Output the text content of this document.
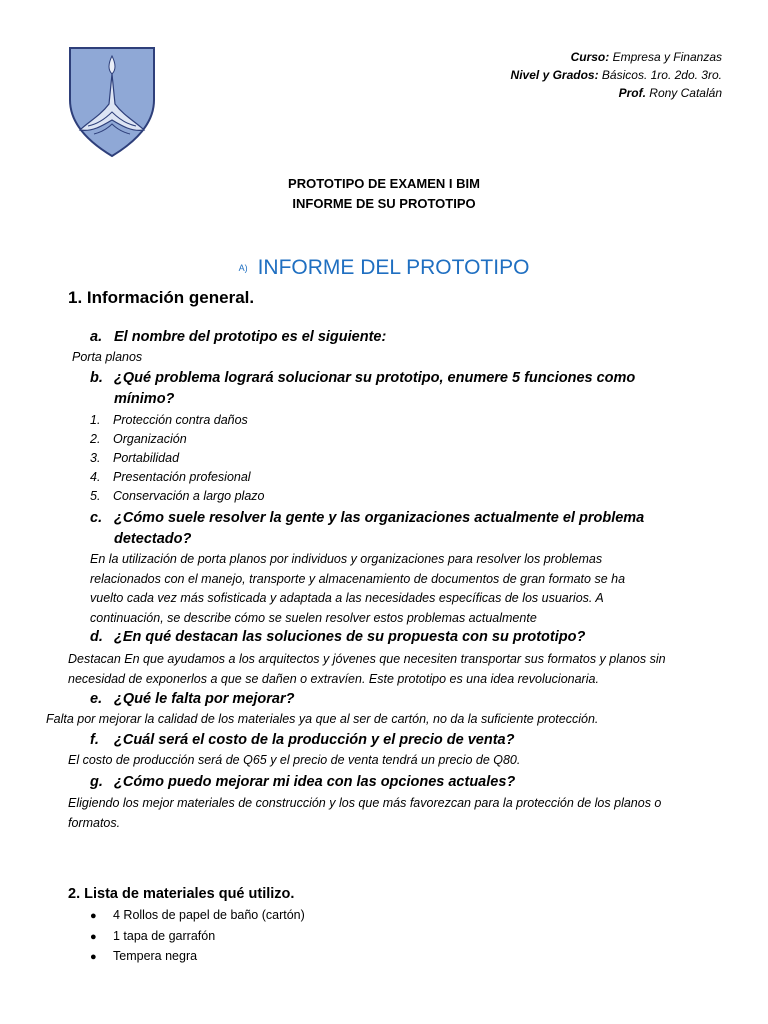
Curso: Empresa y Finanzas
Nivel y Grados: Básicos. 1ro. 2do. 3ro.
Prof. Rony Catalán
PROTOTIPO DE EXAMEN I BIM
INFORME DE SU PROTOTIPO
A) INFORME DEL PROTOTIPO
1. Información general.
a. El nombre del prototipo es el siguiente:
Porta planos
b. ¿Qué problema logrará solucionar su prototipo, enumere 5 funciones como
mínimo?
1. Protección contra daños
2. Organización
3. Portabilidad
4. Presentación profesional
5. Conservación a largo plazo
c. ¿Cómo suele resolver la gente y las organizaciones actualmente el problema
detectado?
En la utilización de porta planos por individuos y organizaciones para resolver los problemas
relacionados con el manejo, transporte y almacenamiento de documentos de gran formato se ha
vuelto cada vez más sofisticada y adaptada a las necesidades específicas de los usuarios. A
continuación, se describe cómo se suelen resolver estos problemas actualmente
d. ¿En qué destacan las soluciones de su propuesta con su prototipo?
Destacan En que ayudamos a los arquitectos y jóvenes que necesiten transportar sus formatos y planos sin
necesidad de exponerlos a que se dañen o extravíen. Este prototipo es una idea revolucionaria.
e. ¿Qué le falta por mejorar?
Falta por mejorar la calidad de los materiales ya que al ser de cartón, no da la suficiente protección.
f. ¿Cuál será el costo de la producción y el precio de venta?
El costo de producción será de Q65 y el precio de venta tendrá un precio de Q80.
g. ¿Cómo puedo mejorar mi idea con las opciones actuales?
Eligiendo los mejor materiales de construcción y los que más favorezcan para la protección de los planos o
formatos.
2. Lista de materiales qué utilizo.
● 4 Rollos de papel de baño (cartón)
● 1 tapa de garrafón
● Tempera negra
